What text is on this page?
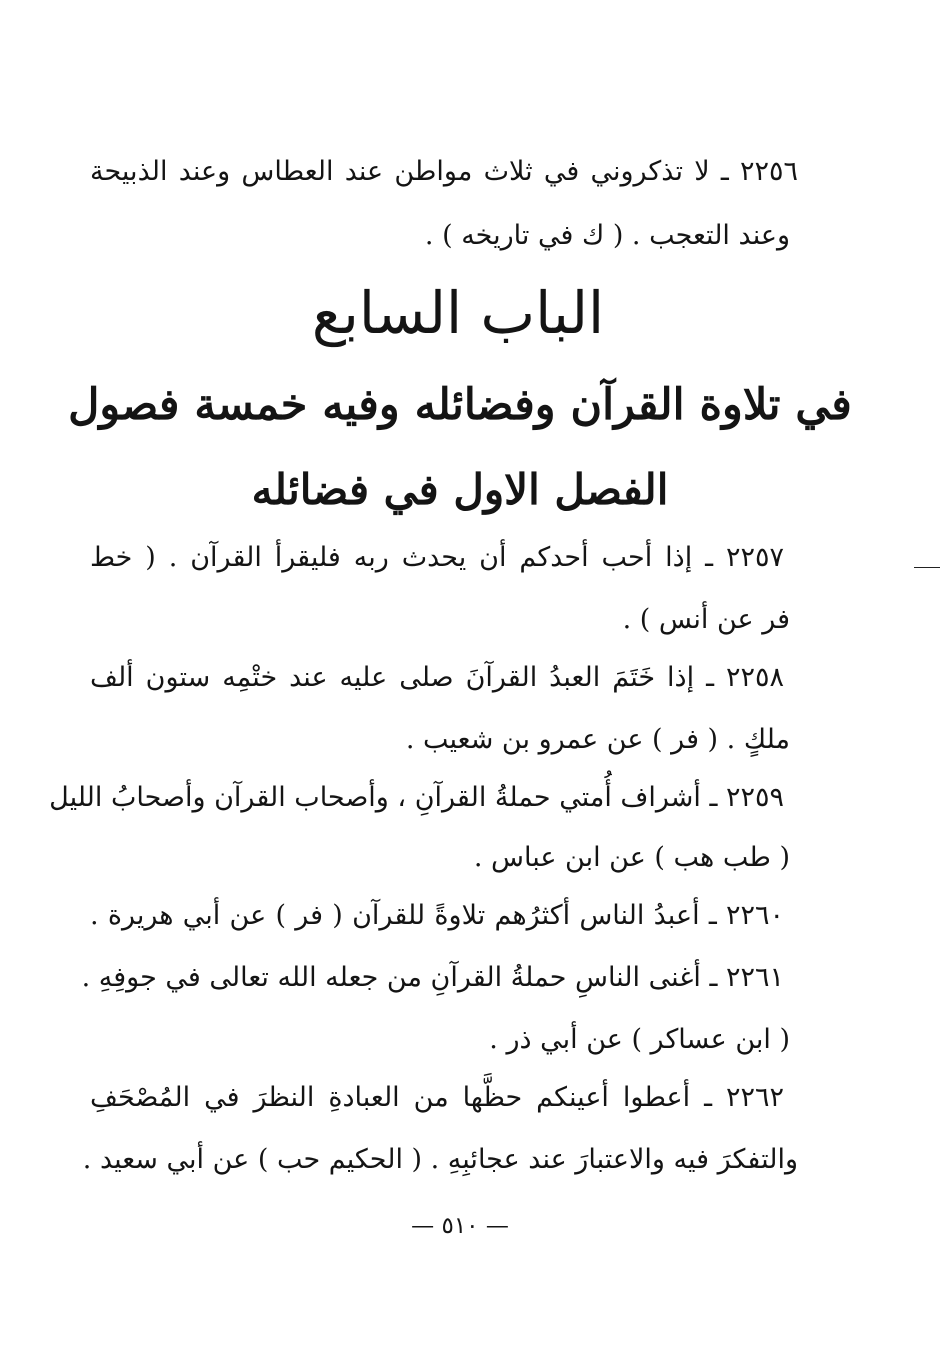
٢٢٥٦ ـ لا تذكروني في ثلاث مواطن عند العطاس وعند الذبيحة
وعند التعجب . ( ك في تاريخه ) .
الباب السابع
في تلاوة القرآن وفضائله وفيه خمسة فصول
الفصل الاول في فضائله
٢٢٥٧ ـ إذا أحب أحدكم أن يحدث ربه فليقرأ القرآن . ( خط
فر عن أنس ) .
٢٢٥٨ ـ إذا خَتَمَ العبدُ القرآنَ صلى عليه عند ختْمِه ستون ألف
ملكٍ . ( فر ) عن عمرو بن شعيب .
٢٢٥٩ ـ أشراف أُمتي حملةُ القرآنِ ، وأصحاب القرآن وأصحابُ الليل
( طب هب ) عن ابن عباس .
٢٢٦٠ ـ أعبدُ الناس أكثرُهم تلاوةً للقرآن ( فر ) عن أبي هريرة .
٢٢٦١ ـ أغنى الناسِ حملةُ القرآنِ من جعله الله تعالى في جوفِهِ .
( ابن عساكر ) عن أبي ذر .
٢٢٦٢ ـ أعطوا أعينكم حظَّها من العبادةِ النظرَ في المُصْحَفِ
والتفكرَ فيه والاعتبارَ عند عجائبِهِ . ( الحكيم حب ) عن أبي سعيد .
— ٥١٠ —
